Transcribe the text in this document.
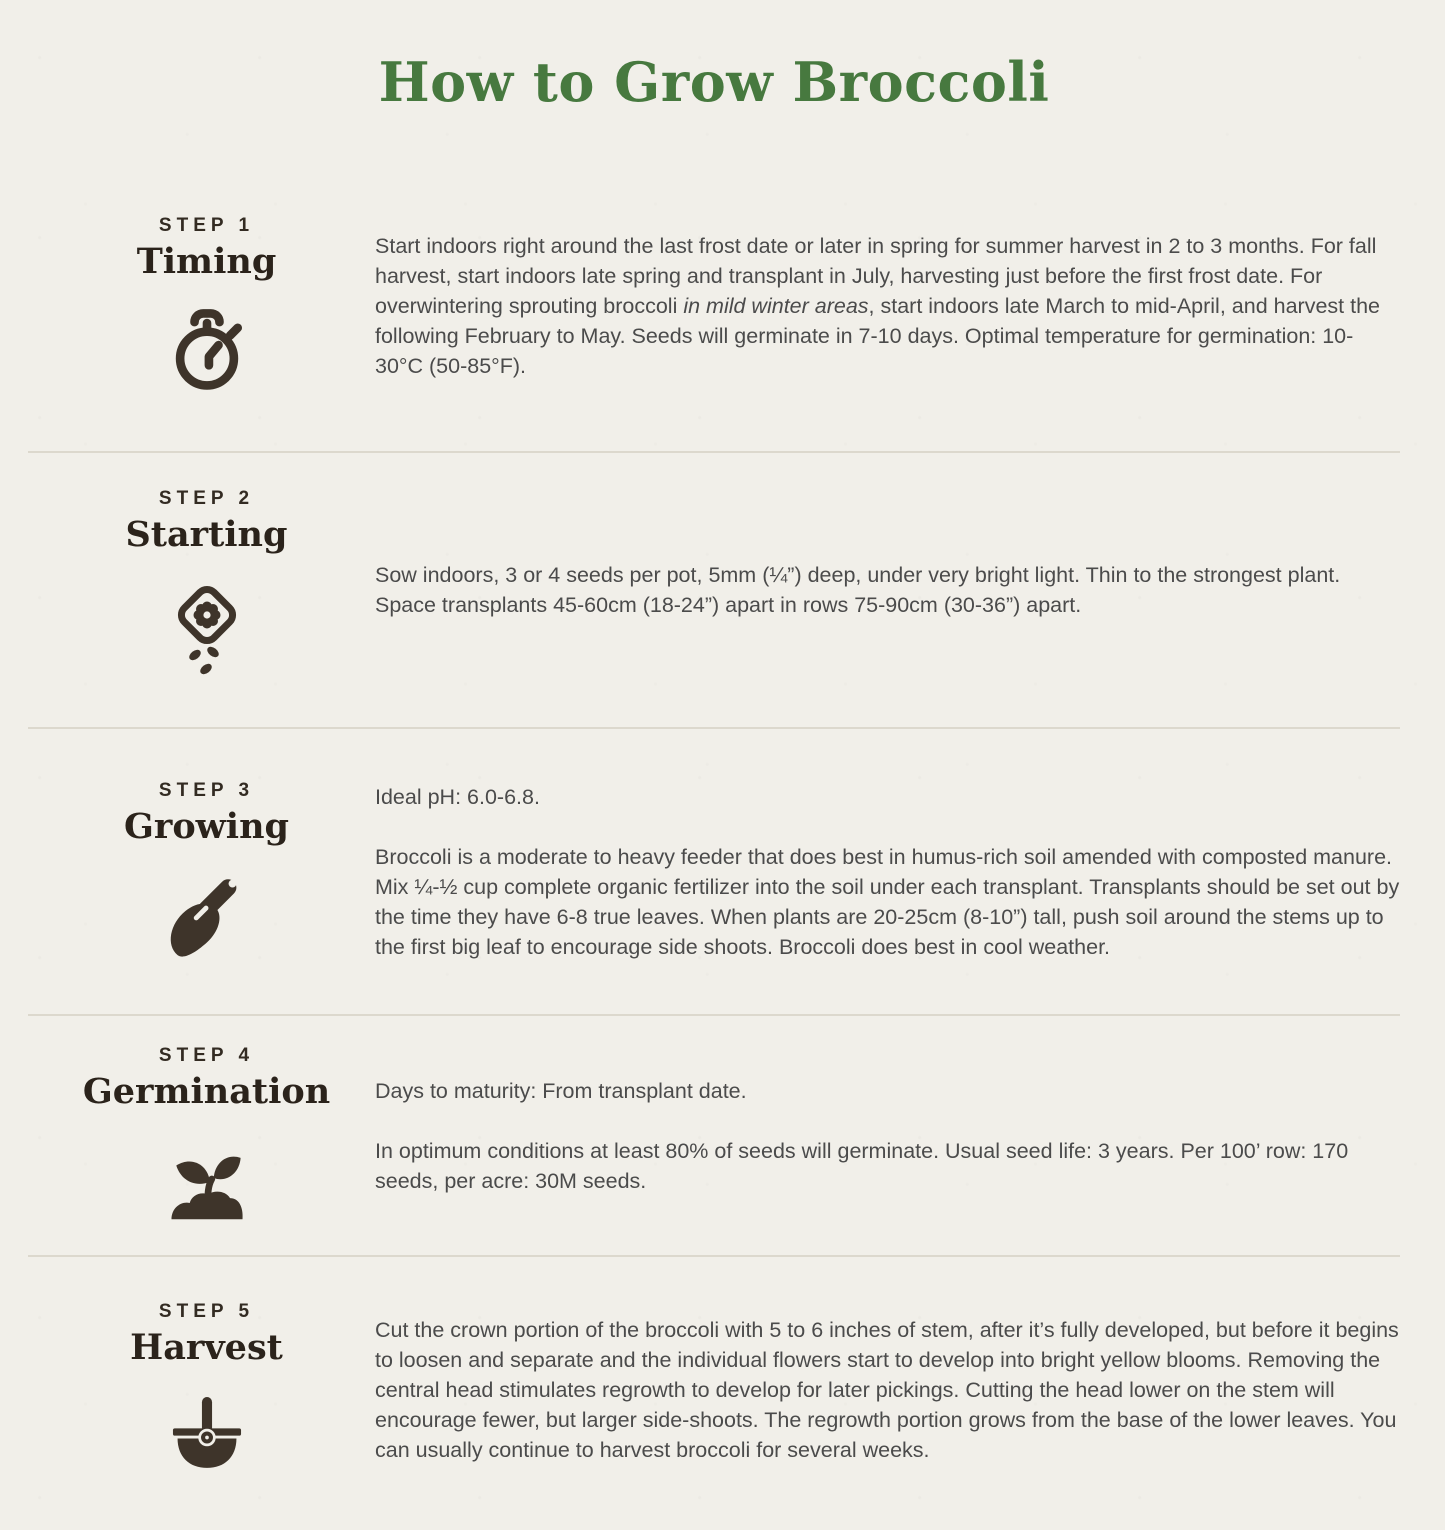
How to Grow Broccoli
STEP 1
Timing	Start indoors right around the last frost date or later in spring for summer harvest in 2 to 3 months. For fall harvest, start indoors late spring and transplant in July, harvesting just before the first frost date. For overwintering sprouting broccoli in mild winter areas, start indoors late March to mid-April, and harvest the following February to May. Seeds will germinate in 7-10 days. Optimal temperature for germination: 10-30°C (50-85°F).

STEP 2
Starting

Sow indoors, 3 or 4 seeds per pot, 5mm (¼”) deep, under very bright light. Thin to the strongest plant. Space transplants 45-60cm (18-24”) apart in rows 75-90cm (30-36”) apart.

STEP 3
Growing

Ideal pH: 6.0-6.8.

Broccoli is a moderate to heavy feeder that does best in humus-rich soil amended with composted manure. Mix ¼-½ cup complete organic fertilizer into the soil under each transplant. Transplants should be set out by the time they have 6-8 true leaves. When plants are 20-25cm (8-10”) tall, push soil around the stems up to the first big leaf to encourage side shoots. Broccoli does best in cool weather.

STEP 4
Germination Days to maturity: From transplant date.

In optimum conditions at least 80% of seeds will germinate. Usual seed life: 3 years. Per 100’ row: 170 seeds, per acre: 30M seeds.

STEP 5
Harvest	Cut the crown portion of the broccoli with 5 to 6 inches of stem, after it’s fully developed, but before it begins to loosen and separate and the individual flowers start to develop into bright yellow blooms. Removing the central head stimulates regrowth to develop for later pickings. Cutting the head lower on the stem will encourage fewer, but larger side-shoots. The regrowth portion grows from the base of the lower leaves. You can usually continue to harvest broccoli for several weeks.
